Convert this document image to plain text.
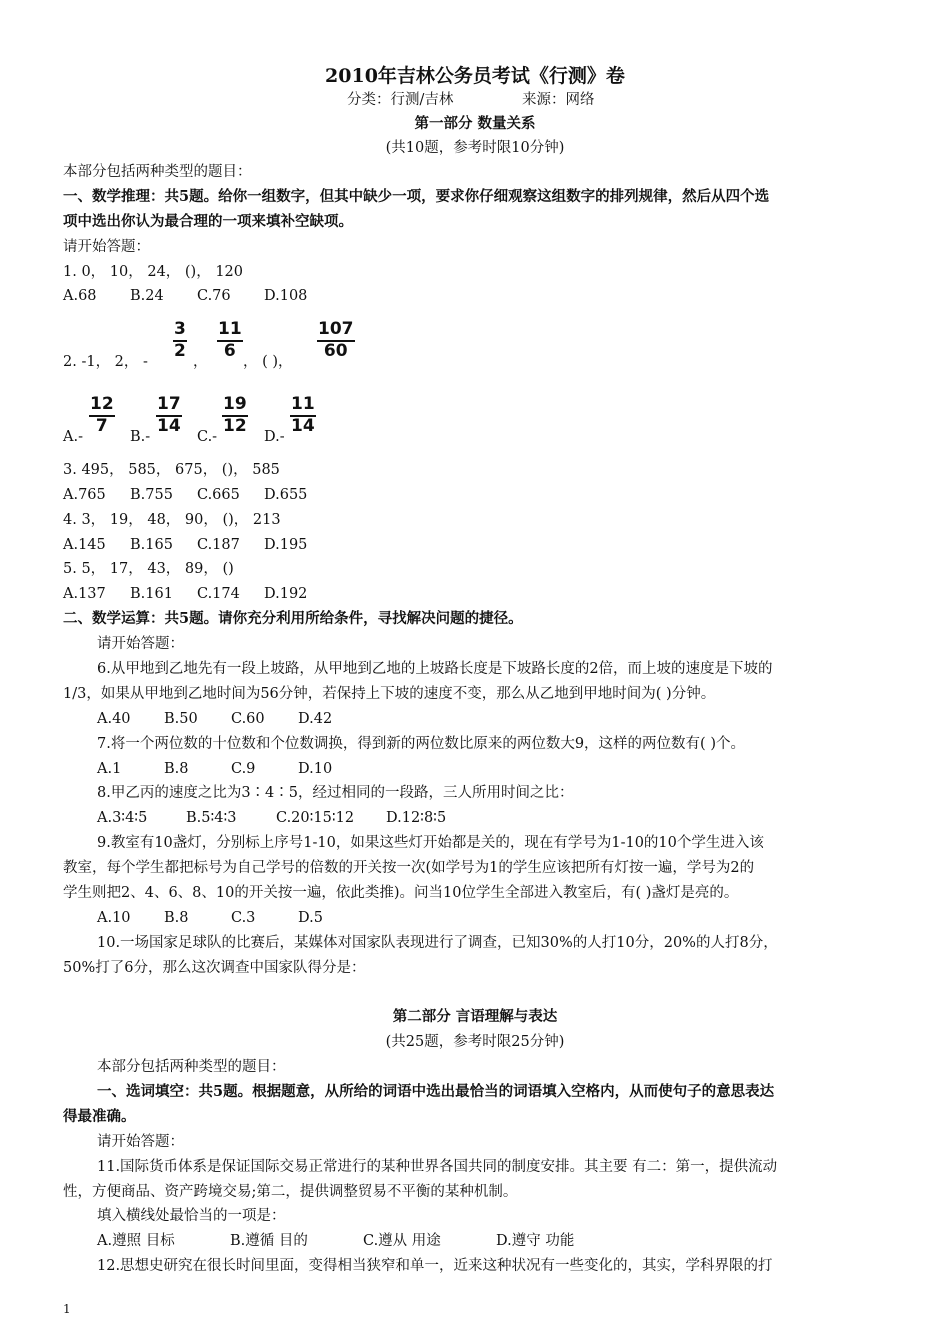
2010年吉林公务员考试《行测》卷
分类：行测/吉林	来源：网络
第一部分 数量关系
(共10题，参考时限10分钟)
本部分包括两种类型的题目：
一、数学推理：共5题。给你一组数字，但其中缺少一项，要求你仔细观察这组数字的排列规律，然后从四个选
项中选出你认为最合理的一项来填补空缺项。
请开始答题：
1. 0， 10， 24， ()， 120
A.68 B.24 C.76 D.108
2. -1， 2， -
3
2
，
11
6
， ( )，
107
60
A.-
12
7
B.-
17
14
C.-
19
12
D.-
11
14
3. 495， 585， 675， ()， 585
A.765 B.755 C.665 D.655
4. 3， 19， 48， 90， ()， 213
A.145 B.165 C.187 D.195
5. 5， 17， 43， 89， ()
A.137 B.161 C.174 D.192
二、数学运算：共5题。请你充分利用所给条件，寻找解决问题的捷径。
请开始答题：
6.从甲地到乙地先有一段上坡路，从甲地到乙地的上坡路长度是下坡路长度的2倍，而上坡的速度是下坡的
1/3，如果从甲地到乙地时间为56分钟，若保持上下坡的速度不变，那么从乙地到甲地时间为( )分钟。
A.40 B.50 C.60 D.42
7.将一个两位数的十位数和个位数调换，得到新的两位数比原来的两位数大9，这样的两位数有( )个。
A.1	B.8	C.9	D.10
8.甲乙丙的速度之比为3∶4∶5，经过相同的一段路，三人所用时间之比：
A.3∶4∶5	B.5∶4∶3	C.20∶15∶12 D.12∶8∶5
9.教室有10盏灯，分别标上序号1-10，如果这些灯开始都是关的，现在有学号为1-10的10个学生进入该
教室，每个学生都把标号为自己学号的倍数的开关按一次(如学号为1的学生应该把所有灯按一遍，学号为2的
学生则把2、4、6、8、10的开关按一遍，依此类推)。问当10位学生全部进入教室后，有( )盏灯是亮的。
A.10 B.8	C.3	D.5
10.一场国家足球队的比赛后，某媒体对国家队表现进行了调查，已知30%的人打10分，20%的人打8分，
50%打了6分，那么这次调查中国家队得分是：
第二部分 言语理解与表达
(共25题，参考时限25分钟)
本部分包括两种类型的题目：
一、选词填空：共5题。根据题意，从所给的词语中选出最恰当的词语填入空格内，从而使句子的意思表达
得最准确。
请开始答题：
11.国际货币体系是保证国际交易正常进行的某种世界各国共同的制度安排。其主要 有二：第一，提供流动
性，方便商品、资产跨境交易;第二，提供调整贸易不平衡的某种机制。
填入横线处最恰当的一项是：
A.遵照 目标	B.遵循 目的	C.遵从 用途	D.遵守 功能
12.思想史研究在很长时间里面，变得相当狭窄和单一，近来这种状况有一些变化的，其实，学科界限的打
1
